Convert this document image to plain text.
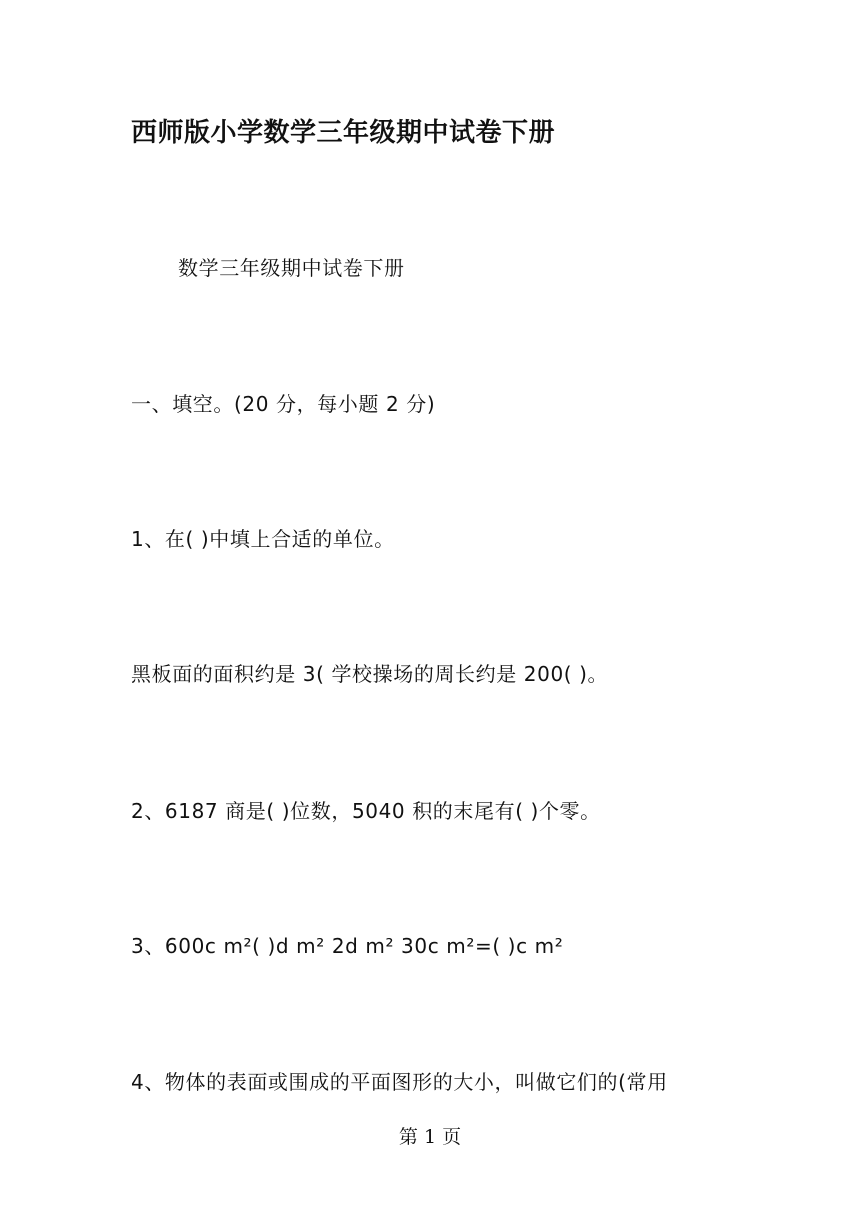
西师版小学数学三年级期中试卷下册
数学三年级期中试卷下册
一、填空。(20 分，每小题 2 分)
1、在( )中填上合适的单位。
黑板面的面积约是 3( 学校操场的周长约是 200( )。
2、6187 商是( )位数，5040 积的末尾有( )个零。
3、600c m²( )d m² 2d m² 30c m²=( )c m²
4、物体的表面或围成的平面图形的大小，叫做它们的(常用
第 1 页
